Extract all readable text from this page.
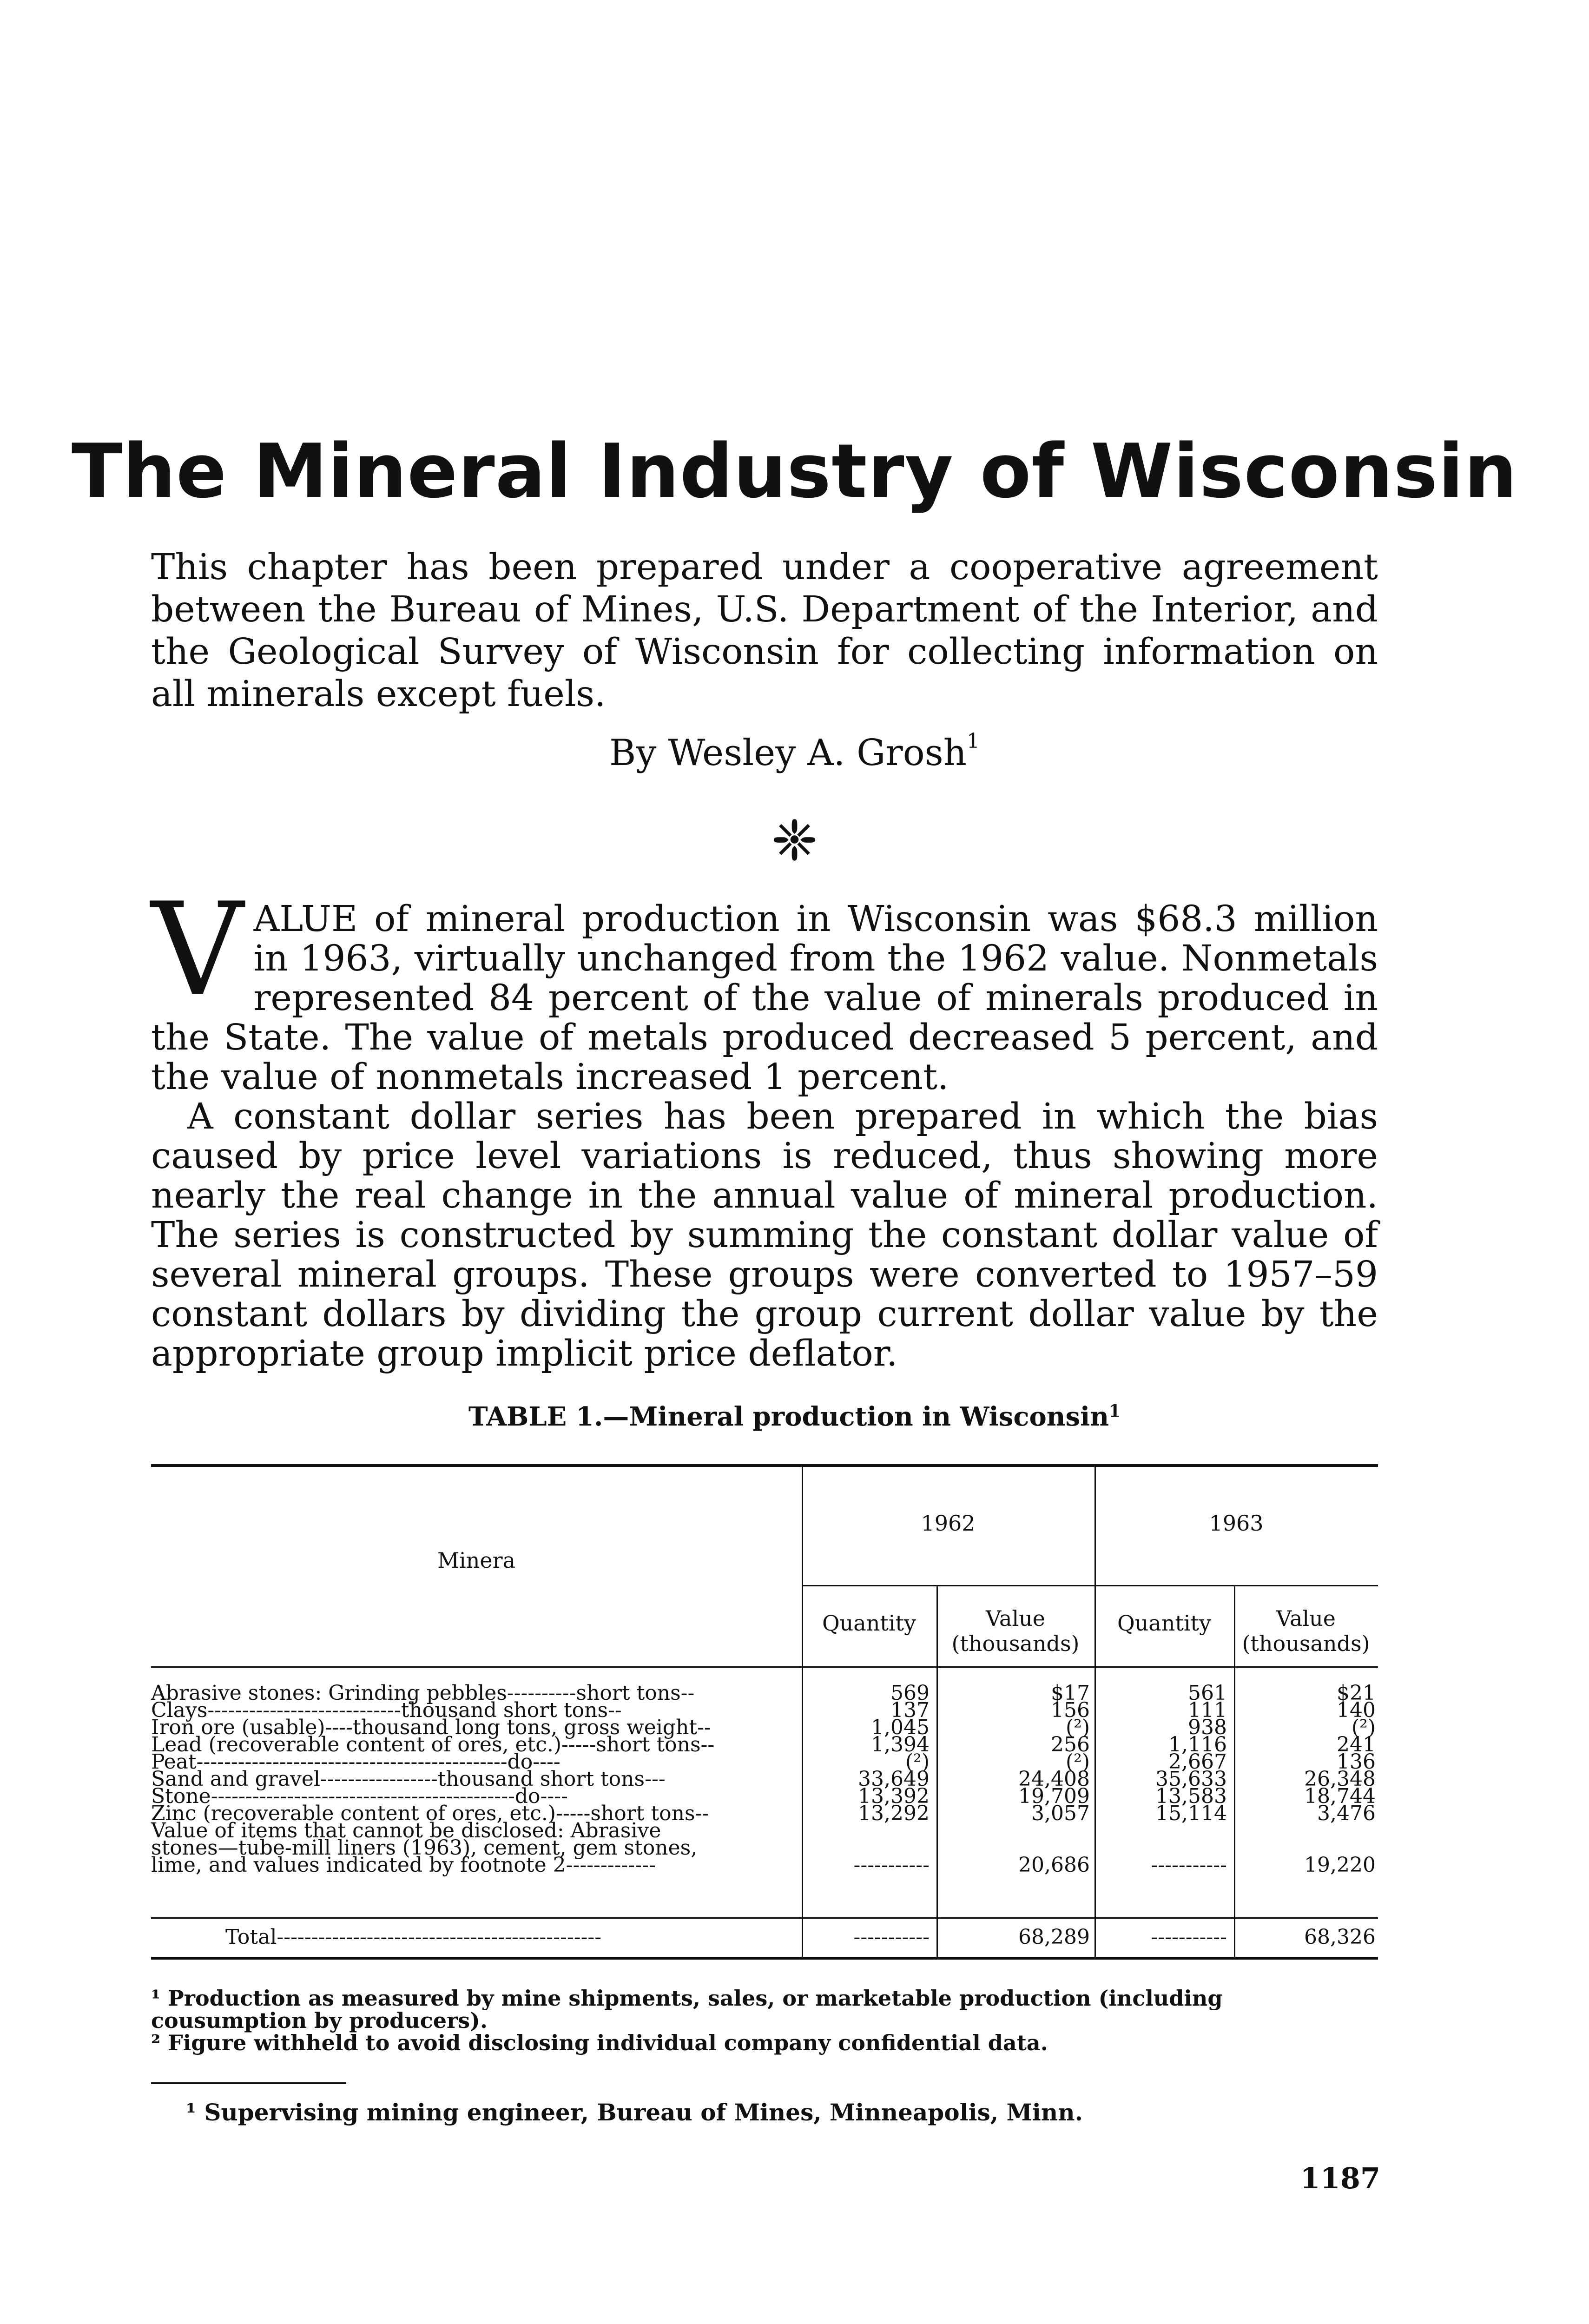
The Mineral Industry of Wisconsin
This chapter has been prepared under a cooperative agreement between the Bureau of Mines, U.S. Department of the Interior, and the Geological Survey of Wisconsin for collecting information on all minerals except fuels.
By Wesley A. Grosh$^1$
❈

VALUE of mineral production in Wisconsin was $68.3 million in 1963, virtually unchanged from the 1962 value. Nonmetals represented 84 percent of the value of minerals produced in the State. The value of metals produced decreased 5 percent, and the value of nonmetals increased 1 percent.

A constant dollar series has been prepared in which the bias caused by price level variations is reduced, thus showing more nearly the real change in the annual value of mineral production. The series is constructed by summing the constant dollar value of several mineral groups. These groups were converted to 1957–59 constant dollars by dividing the group current dollar value by the appropriate group implicit price deflator.

TABLE 1.—Mineral production in Wisconsin$^1$
Minera
1962	1963
Quantity	Value
(thousands)
Quantity	Value
(thousands)
Abrasive stones: Grinding pebbles----------short tons--	569	$17	561	$21
Clays----------------------------thousand short tons--	137	156	111	140
Iron ore (usable)----thousand long tons, gross weight--	1,045	(²)	938	(²)
Lead (recoverable content of ores, etc.)-----short tons--	1,394	256	1,116	241
Peat---------------------------------------------do----	(²)	(²)	2,667	136
Sand and gravel-----------------thousand short tons---	33,649	24,408	35,633	26,348
Stone--------------------------------------------do----	13,392	19,709	13,583	18,744
Zinc (recoverable content of ores, etc.)-----short tons--	13,292	3,057	15,114	3,476
Value of items that cannot be disclosed: Abrasive
stones—tube-mill liners (1963), cement, gem stones,
lime, and values indicated by footnote 2-------------	-----------	20,686	-----------	19,220
Total-----------------------------------------------	-----------	68,289	-----------	68,326

¹ Production as measured by mine shipments, sales, or marketable production (including cousumption by producers).

² Figure withheld to avoid disclosing individual company confidential data.

¹ Supervising mining engineer, Bureau of Mines, Minneapolis, Minn.
1187
